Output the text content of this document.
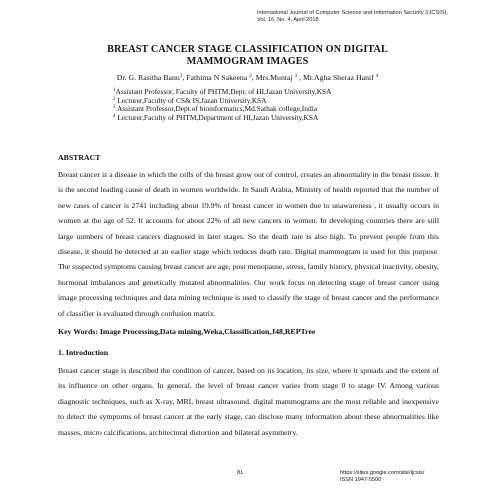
International Journal of Computer Science and Information Security (IJCSIS),
Vol. 16, No. 4, April 2018
BREAST CANCER STAGE CLASSIFICATION ON DIGITAL
MAMMOGRAM IMAGES
Dr. G. Rasitha Banu$^1$, Fathima N Sakeena $^2$, Mrs.Muntaj $^3$ , Mr.Agha Sheraz Hanif $^4$
$^1$Assistant Professor, Faculty of PHTM,Dept. of HI,Jazan University,KSA
$^2$ Lecturer,Faculty of CS& IS,Jazan University,KSA
$^3$ Assistant Professor,Dept.of bioinformatics,Md.Sathak college,India
$^4$ Lecturer,Faculty of PHTM,Department of HI,Jazan University,KSA
ABSTRACT
Breast cancer is a disease in which the cells of the breast grow out of control, creates an abnormality in the breast tissue. It is the second leading cause of death in women worldwide. In Saudi Arabia, Ministry of health reported that the number of new cases of cancer is 2741 including about 19.9% of breast cancer in women due to unawareness , it usually occurs in women at the age of 52. It accounts for about 22% of all new cancers in women. In developing countries there are still large numbers of breast cancers diagnosed in later stages. So the death rate is also high. To prevent people from this disease, it should be detected at an earlier stage which reduces death rate. Digital mammogram is used for this purpose. The suspected symptoms causing breast cancer are age, post menopause, stress, family history, physical inactivity, obesity, hormonal imbalances and genetically mutated abnormalities. Our work focus on detecting stage of breast cancer using image processing techniques and data mining technique is used to classify the stage of breast cancer and the performance of classifier is evaluated through confusion matrix.
Key Words: Image Processing,Data mining,Weka,Classification,J48,REPTree
1. Introduction
Breast cancer stage is described the condition of cancer, based on its location, its size, where it spreads and the extent of its influence on other organs. In general, the level of breast cancer varies from stage 0 to stage IV. Among various diagnostic techniques, such as X-ray, MRI, breast ultrasound, digital mammograms are the most reliable and inexpensive to detect the symptoms of breast cancer at the early stage, can disclose many information about these abnormalities like masses, micro calcifications, architectural distortion and bilateral asymmetry.
81	https://sites.google.com/site/ijcsis/
ISSN 1947-5500
